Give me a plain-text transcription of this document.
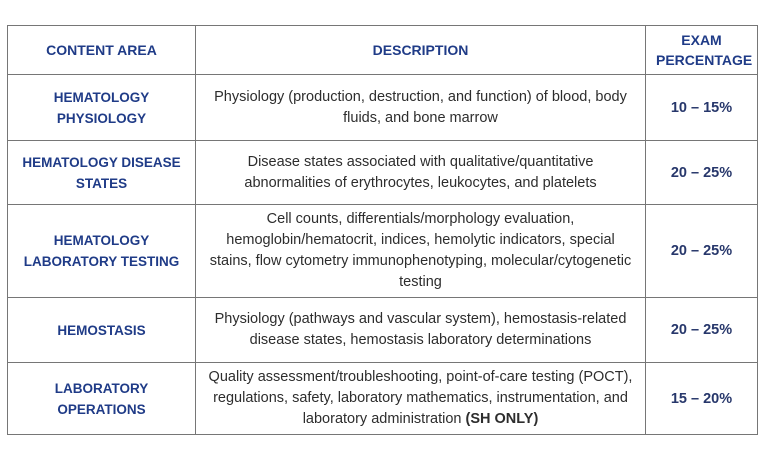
CONTENT AREA	DESCRIPTION	EXAM PERCENTAGE
HEMATOLOGY PHYSIOLOGY	Physiology (production, destruction, and function) of blood, body fluids, and bone marrow	10 – 15%
HEMATOLOGY DISEASE STATES	Disease states associated with qualitative/quantitative abnormalities of erythrocytes, leukocytes, and platelets	20 – 25%
HEMATOLOGY LABORATORY TESTING	Cell counts, differentials/morphology evaluation, hemoglobin/hematocrit, indices, hemolytic indicators, special stains, flow cytometry immunophenotyping, molecular/cytogenetic testing	20 – 25%
HEMOSTASIS	Physiology (pathways and vascular system), hemostasis-related disease states, hemostasis laboratory determinations	20 – 25%
LABORATORY OPERATIONS	Quality assessment/troubleshooting, point-of-care testing (POCT), regulations, safety, laboratory mathematics, instrumentation, and laboratory administration (SH ONLY)	15 – 20%
